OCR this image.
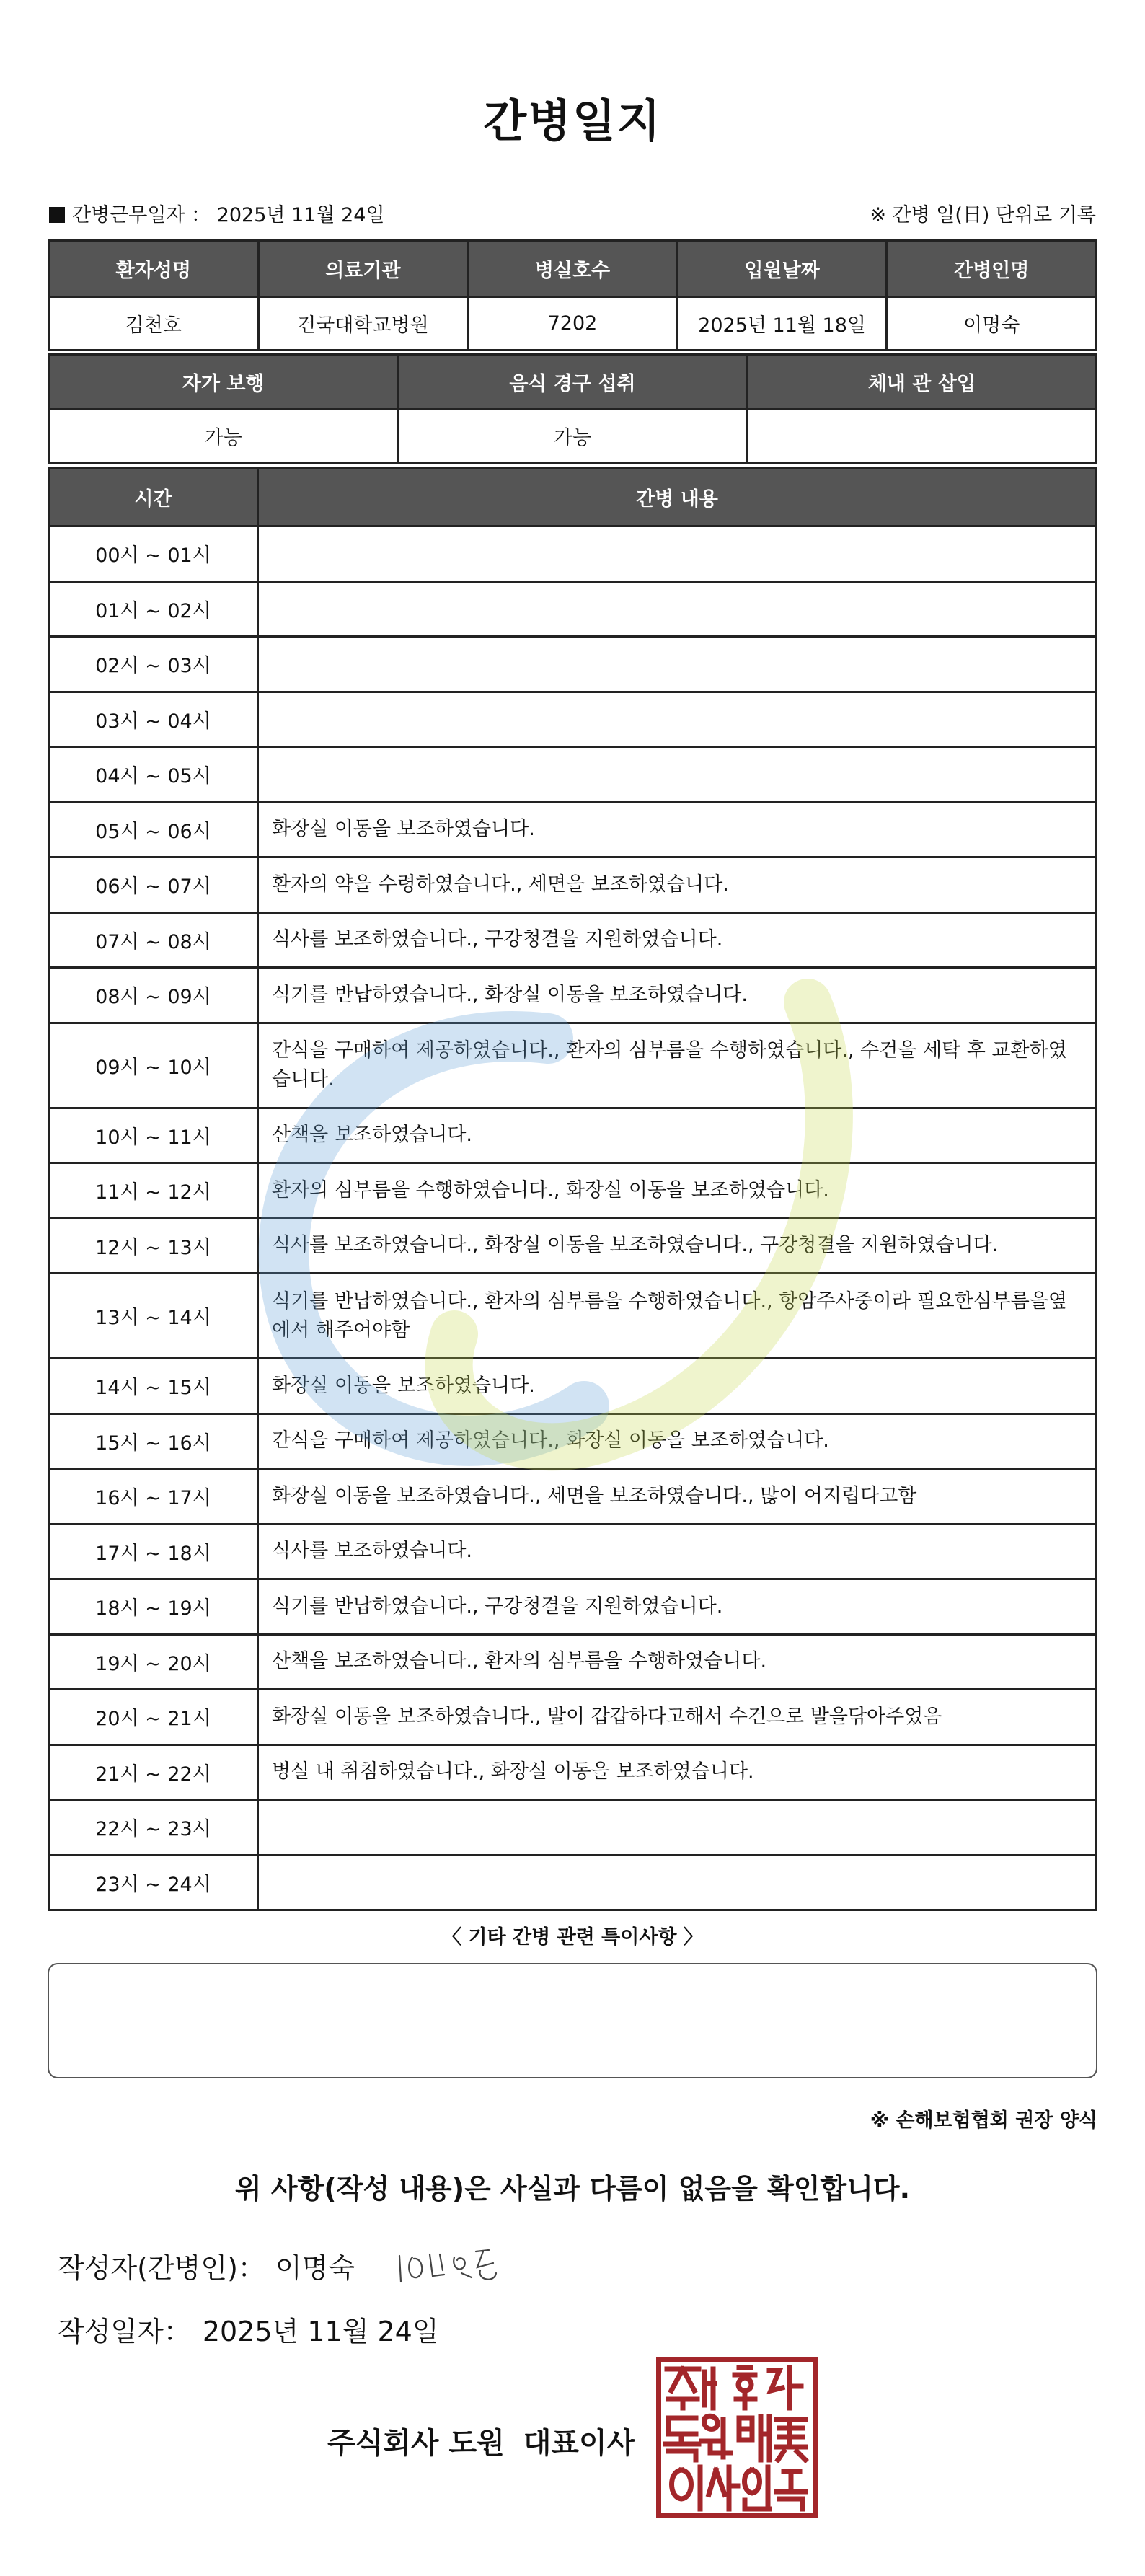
간병일지
간병근무일자 ： 2025년 11월 24일	※ 간병 일(日) 단위로 기록
환자성명	의료기관	병실호수	입원날짜	간병인명
김천호	건국대학교병원	7202	2025년 11월 18일	이명숙
자가 보행	음식 경구 섭취	체내 관 삽입
가능	가능	
시간	간병 내용
00시 ~ 01시	
01시 ~ 02시	
02시 ~ 03시	
03시 ~ 04시	
04시 ~ 05시	
05시 ~ 06시	화장실 이동을 보조하였습니다.
06시 ~ 07시	환자의 약을 수령하였습니다., 세면을 보조하였습니다.
07시 ~ 08시	식사를 보조하였습니다., 구강청결을 지원하였습니다.
08시 ~ 09시	식기를 반납하였습니다., 화장실 이동을 보조하였습니다.
09시 ~ 10시	간식을 구매하여 제공하였습니다., 환자의 심부름을 수행하였습니다., 수건을 세탁 후 교환하였습니다.
10시 ~ 11시	산책을 보조하였습니다.
11시 ~ 12시	환자의 심부름을 수행하였습니다., 화장실 이동을 보조하였습니다.
12시 ~ 13시	식사를 보조하였습니다., 화장실 이동을 보조하였습니다., 구강청결을 지원하였습니다.
13시 ~ 14시	식기를 반납하였습니다., 환자의 심부름을 수행하였습니다., 항암주사중이라 필요한심부름을옆에서 해주어야함
14시 ~ 15시	화장실 이동을 보조하였습니다.
15시 ~ 16시	간식을 구매하여 제공하였습니다., 화장실 이동을 보조하였습니다.
16시 ~ 17시	화장실 이동을 보조하였습니다., 세면을 보조하였습니다., 많이 어지럽다고함
17시 ~ 18시	식사를 보조하였습니다.
18시 ~ 19시	식기를 반납하였습니다., 구강청결을 지원하였습니다.
19시 ~ 20시	산책을 보조하였습니다., 환자의 심부름을 수행하였습니다.
20시 ~ 21시	화장실 이동을 보조하였습니다., 발이 갑갑하다고해서 수건으로 발을닦아주었음
21시 ~ 22시	병실 내 취침하였습니다., 화장실 이동을 보조하였습니다.
22시 ~ 23시	
23시 ~ 24시	
〈 기타 간병 관련 특이사항 〉
※ 손해보험협회 권장 양식
위 사항(작성 내용)은 사실과 다름이 없음을 확인합니다.
작성자(간병인)： 이명숙
작성일자： 2025년 11월 24일
주식회사 도원 대표이사
